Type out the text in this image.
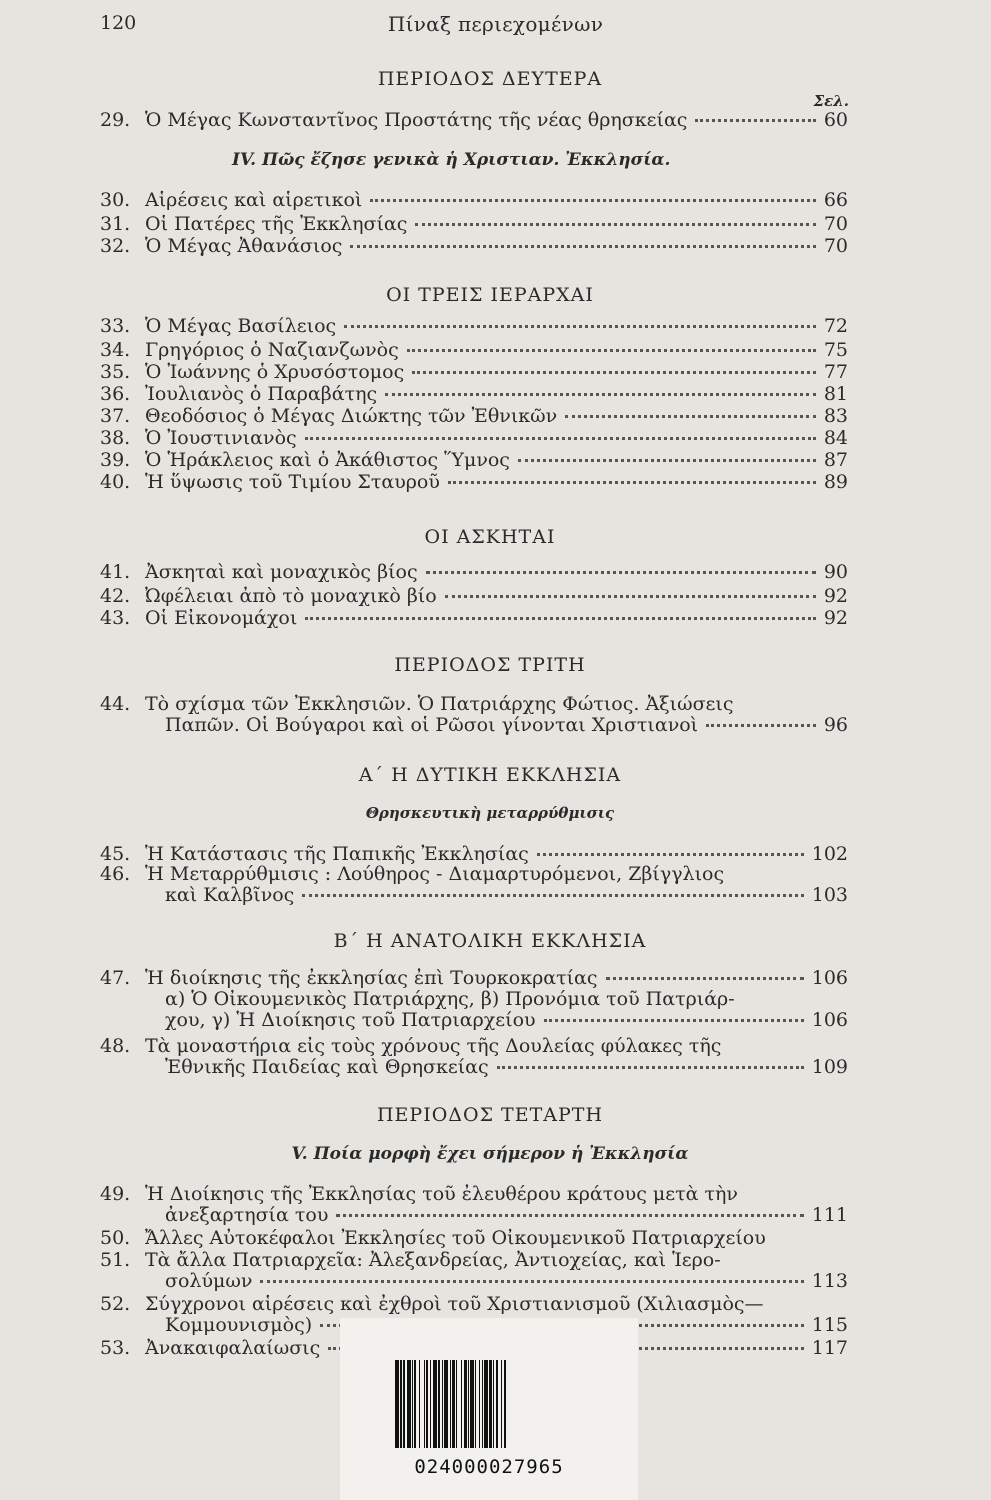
120	Πίναξ περιεχομένων
ΠΕΡΙΟΔΟΣ ΔΕΥΤΕΡΑ
Σελ.
29. Ὁ Μέγας Κωνσταντῖνος Προστάτης τῆς νέας θρησκείας	60
IV. Πῶς ἔζησε γενικὰ ἡ Χριστιαν. Ἐκκλησία.
30. Αἱρέσεις καὶ αἱρετικοὶ	66
31. Οἱ Πατέρες τῆς Ἐκκλησίας	70
32. Ὁ Μέγας Ἀθανάσιος	70
ΟΙ ΤΡΕΙΣ ΙΕΡΑΡΧΑΙ
33. Ὁ Μέγας Βασίλειος	72
34. Γρηγόριος ὁ Ναζιανζωνὸς	75
35. Ὁ Ἰωάννης ὁ Χρυσόστομος	77
36. Ἰουλιανὸς ὁ Παραβάτης	81
37. Θεοδόσιος ὁ Μέγας Διώκτης τῶν Ἐθνικῶν	83
38. Ὁ Ἰουστινιανὸς	84
39. Ὁ Ἡράκλειος καὶ ὁ Ἀκάθιστος Ὕμνος	87
40. Ἡ ὕψωσις τοῦ Τιμίου Σταυροῦ	89
ΟΙ ΑΣΚΗΤΑΙ
41. Ἀσκηταὶ καὶ μοναχικὸς βίος	90
42. Ὠφέλειαι ἀπὸ τὸ μοναχικὸ βίο	92
43. Οἱ Εἰκονομάχοι	92
ΠΕΡΙΟΔΟΣ ΤΡΙΤΗ
44. Τὸ σχίσμα τῶν Ἐκκλησιῶν. Ὁ Πατριάρχης Φώτιος. Ἀξιώσεις
Παπῶν. Οἱ Βούγαροι καὶ οἱ Ρῶσοι γίνονται Χριστιανοὶ	96
Α΄ Η ΔΥΤΙΚΗ ΕΚΚΛΗΣΙΑ
Θρησκευτικὴ μεταρρύθμισις
45. Ἡ Κατάστασις τῆς Παπικῆς Ἐκκλησίας	102
46. Ἡ Μεταρρύθμισις : Λούθηρος - Διαμαρτυρόμενοι, Ζβίγγλιος
καὶ Καλβῖνος	103
Β΄ Η ΑΝΑΤΟΛΙΚΗ ΕΚΚΛΗΣΙΑ
47. Ἡ διοίκησις τῆς ἐκκλησίας ἐπὶ Τουρκοκρατίας	106
α) Ὁ Οἰκουμενικὸς Πατριάρχης, β) Προνόμια τοῦ Πατριάρ-
χου, γ) Ἡ Διοίκησις τοῦ Πατριαρχείου	106
48. Τὰ μοναστήρια εἰς τοὺς χρόνους τῆς Δουλείας φύλακες τῆς
Ἐθνικῆς Παιδείας καὶ Θρησκείας	109
ΠΕΡΙΟΔΟΣ ΤΕΤΑΡΤΗ
V. Ποία μορφὴ ἔχει σήμερον ἡ Ἐκκλησία
49. Ἡ Διοίκησις τῆς Ἐκκλησίας τοῦ ἐλευθέρου κράτους μετὰ τὴν
ἀνεξαρτησία του	111
50. Ἄλλες Αὐτοκέφαλοι Ἐκκλησίες τοῦ Οἰκουμενικοῦ Πατριαρχείου
51. Τὰ ἄλλα Πατριαρχεῖα: Ἀλεξανδρείας, Ἀντιοχείας, καὶ Ἱερο-
σολύμων	113
52. Σύγχρονοι αἱρέσεις καὶ ἐχθροὶ τοῦ Χριστιανισμοῦ (Χιλιασμὸς—
Κομμουνισμὸς)	115
53. Ἀνακαιφαλαίωσις	117
024000027965
